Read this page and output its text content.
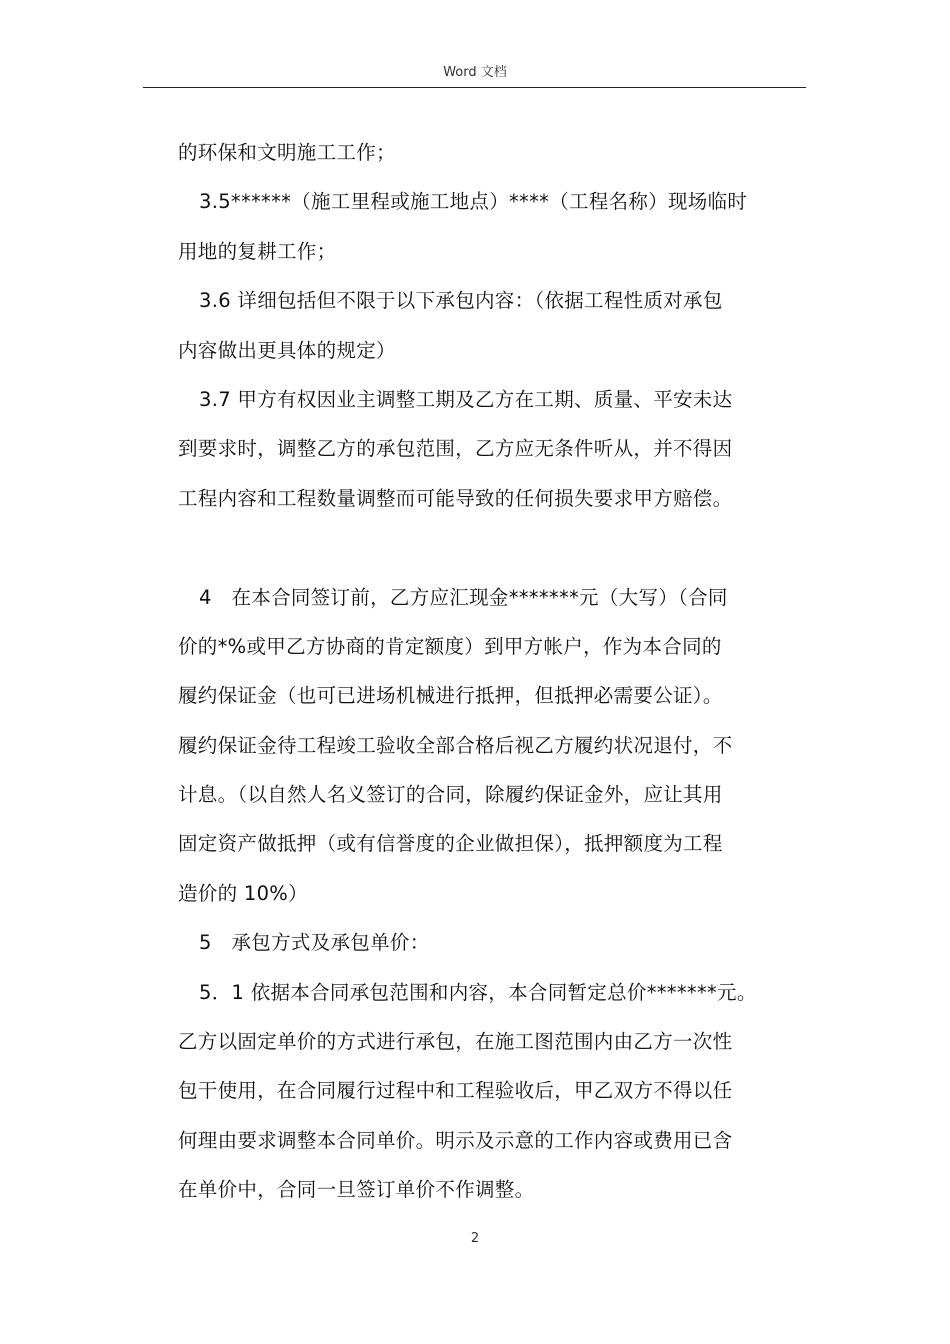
Word 文档
的环保和文明施工工作；
3.5******（施工里程或施工地点）****（工程名称）现场临时
用地的复耕工作；
3.6 详细包括但不限于以下承包内容：（依据工程性质对承包
内容做出更具体的规定）
3.7 甲方有权因业主调整工期及乙方在工期、质量、平安未达
到要求时，调整乙方的承包范围，乙方应无条件听从，并不得因
工程内容和工程数量调整而可能导致的任何损失要求甲方赔偿。
4　在本合同签订前，乙方应汇现金*******元（大写）（合同
价的*%或甲乙方协商的肯定额度）到甲方帐户，作为本合同的
履约保证金（也可已进场机械进行抵押，但抵押必需要公证）。
履约保证金待工程竣工验收全部合格后视乙方履约状况退付，不
计息。（以自然人名义签订的合同，除履约保证金外，应让其用
固定资产做抵押（或有信誉度的企业做担保），抵押额度为工程
造价的 10%）
5　承包方式及承包单价：
5．1 依据本合同承包范围和内容，本合同暂定总价*******元。
乙方以固定单价的方式进行承包，在施工图范围内由乙方一次性
包干使用，在合同履行过程中和工程验收后，甲乙双方不得以任
何理由要求调整本合同单价。明示及示意的工作内容或费用已含
在单价中，合同一旦签订单价不作调整。
2
